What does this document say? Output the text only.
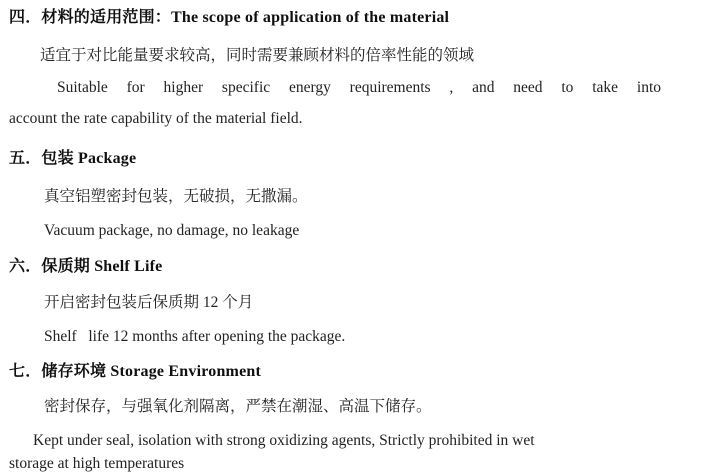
四．材料的适用范围：The scope of application of the material
适宜于对比能量要求较高，同时需要兼顾材料的倍率性能的领域
Suitable for higher specific energy requirements , and need to take into
account the rate capability of the material field.
五．包装 Package
真空铝塑密封包装，无破损，无撒漏。
Vacuum package, no damage, no leakage
六．保质期 Shelf Life
开启密封包装后保质期 12 个月
Shelf   life 12 months after opening the package.
七．储存环境 Storage Environment
密封保存，与强氧化剂隔离，严禁在潮湿、高温下储存。
Kept under seal, isolation with strong oxidizing agents, Strictly prohibited in wet
storage at high temperatures
